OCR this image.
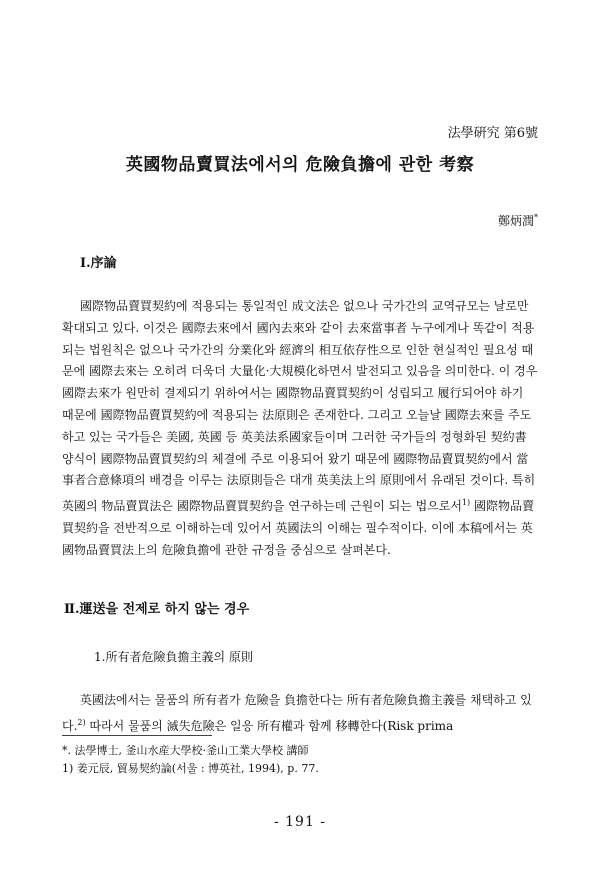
法學硏究 第6號
英國物品賣買法에서의 危險負擔에 관한 考察
鄭炳潤*
Ⅰ.序論

國際物品賣買契約에 적용되는 통일적인 成文法은 없으나 국가간의 교역규모는 날로만 확대되고 있다. 이것은 國際去來에서 國內去來와 같이 去來當事者 누구에게나 똑같이 적용되는 법원칙은 없으나 국가간의 分業化와 經濟의 相互依存性으로 인한 현실적인 필요성 때문에 國際去來는 오히려 더욱더 大量化·大規模化하면서 발전되고 있음을 의미한다. 이 경우 國際去來가 원만히 결제되기 위하여서는 國際物品賣買契約이 성립되고 履行되어야 하기 때문에 國際物品賣買契約에 적용되는 法原則은 존재한다. 그리고 오늘날 國際去來를 주도하고 있는 국가들은 美國, 英國 등 英美法系國家들이며 그러한 국가들의 정형화된 契約書 양식이 國際物品賣買契約의 체결에 주로 이용되어 왔기 때문에 國際物品賣買契約에서 當事者合意條項의 배경을 이루는 法原則들은 대개 英美法上의 原則에서 유래된 것이다. 특히 英國의 物品賣買法은 國際物品賣買契約을 연구하는데 근원이 되는 법으로서$^{1)}$ 國際物品賣買契約을 전반적으로 이해하는데 있어서 英國法의 이해는 필수적이다. 이에 本稿에서는 英國物品賣買法上의 危險負擔에 관한 규정을 중심으로 살펴본다.

Ⅱ.運送을 전제로 하지 않는 경우
1.所有者危險負擔主義의 原則

英國法에서는 물품의 所有者가 危險을 負擔한다는 所有者危險負擔主義를 채택하고 있다.$^{2)}$ 따라서 물품의 滅失危險은 일응 所有權과 함께 移轉한다(Risk prima

*. 法學博士, 釜山水産大學校·釜山工業大學校 講師

1) 姜元辰, 貿易契約論(서울 : 博英社, 1994), p. 77.

- 191 -
